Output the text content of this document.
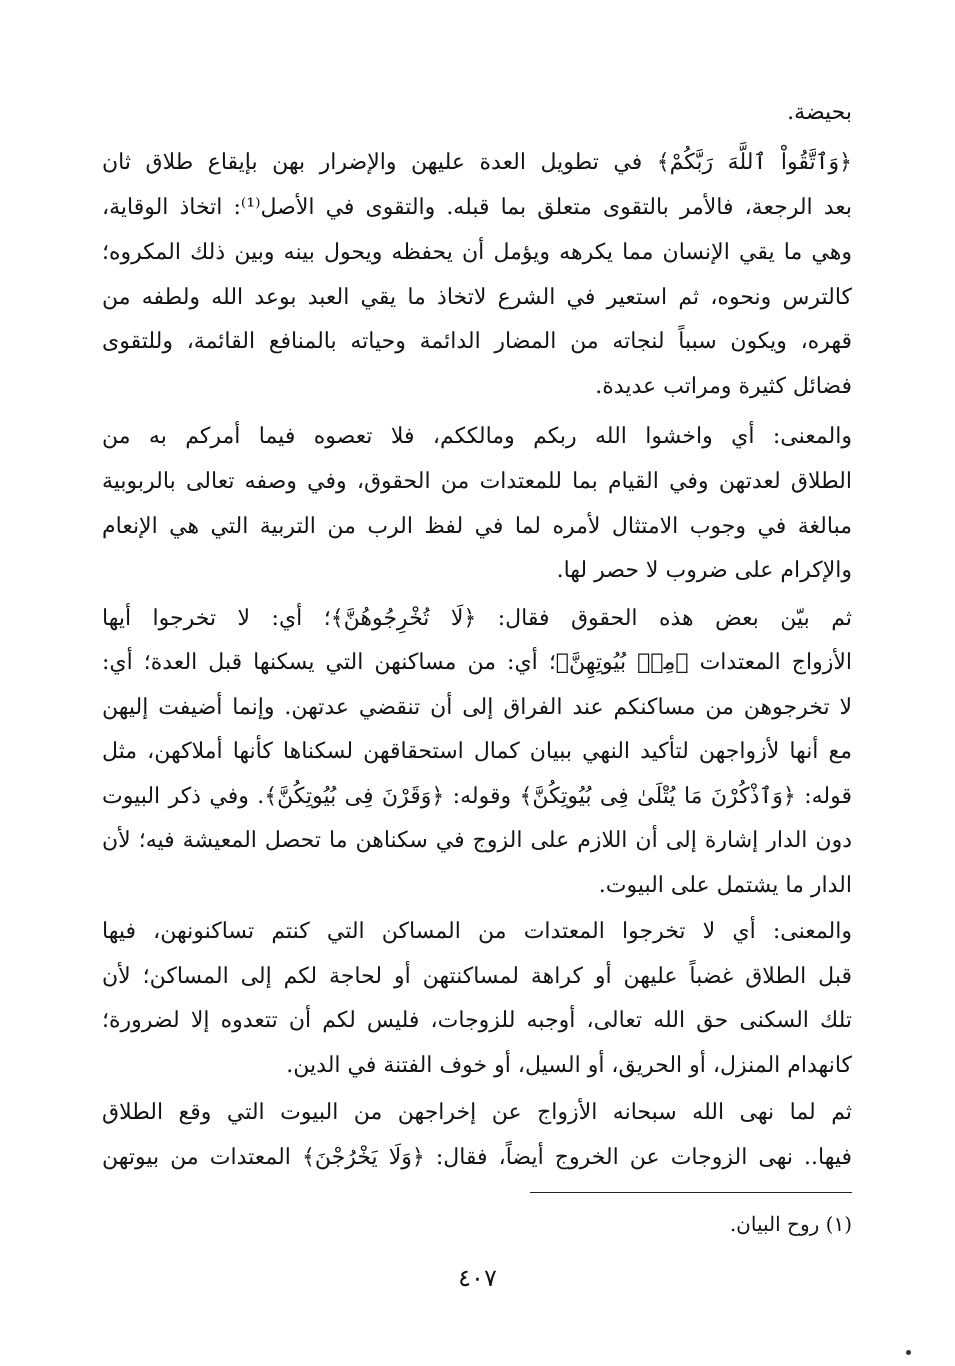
بحيضة.
﴿وَٱتَّقُواْ ٱللَّهَ رَبَّكُمْ﴾ في تطويل العدة عليهن والإضرار بهن بإيقاع طلاق ثان
بعد الرجعة، فالأمر بالتقوى متعلق بما قبله. والتقوى في الأصل⁽¹⁾: اتخاذ الوقاية،
وهي ما يقي الإنسان مما يكرهه ويؤمل أن يحفظه ويحول بينه وبين ذلك المكروه؛
كالترس ونحوه، ثم استعير في الشرع لاتخاذ ما يقي العبد بوعد الله ولطفه من
قهره، ويكون سبباً لنجاته من المضار الدائمة وحياته بالمنافع القائمة، وللتقوى
فضائل كثيرة ومراتب عديدة.
والمعنى: أي واخشوا الله ربكم ومالككم، فلا تعصوه فيما أمركم به من
الطلاق لعدتهن وفي القيام بما للمعتدات من الحقوق، وفي وصفه تعالى بالربوبية
مبالغة في وجوب الامتثال لأمره لما في لفظ الرب من التربية التي هي الإنعام
والإكرام على ضروب لا حصر لها.
ثم بيّن بعض هذه الحقوق فقال: ﴿لَا تُخْرِجُوهُنَّ﴾؛ أي: لا تخرجوا أيها
الأزواج المعتدات ﴿مِنۢ بُيُوتِهِنَّ﴾؛ أي: من مساكنهن التي يسكنها قبل العدة؛ أي:
لا تخرجوهن من مساكنكم عند الفراق إلى أن تنقضي عدتهن. وإنما أضيفت إليهن
مع أنها لأزواجهن لتأكيد النهي ببيان كمال استحقاقهن لسكناها كأنها أملاكهن، مثل
قوله: ﴿وَٱذْكُرْنَ مَا يُتْلَىٰ فِى بُيُوتِكُنَّ﴾ وقوله: ﴿وَقَرْنَ فِى بُيُوتِكُنَّ﴾. وفي ذكر البيوت
دون الدار إشارة إلى أن اللازم على الزوج في سكناهن ما تحصل المعيشة فيه؛ لأن
الدار ما يشتمل على البيوت.
والمعنى: أي لا تخرجوا المعتدات من المساكن التي كنتم تساكنونهن، فيها
قبل الطلاق غضباً عليهن أو كراهة لمساكنتهن أو لحاجة لكم إلى المساكن؛ لأن
تلك السكنى حق الله تعالى، أوجبه للزوجات، فليس لكم أن تتعدوه إلا لضرورة؛
كانهدام المنزل، أو الحريق، أو السيل، أو خوف الفتنة في الدين.
ثم لما نهى الله سبحانه الأزواج عن إخراجهن من البيوت التي وقع الطلاق
فيها.. نهى الزوجات عن الخروج أيضاً، فقال: ﴿وَلَا يَخْرُجْنَ﴾ المعتدات من بيوتهن
(١) روح البيان.
٤٠٧
